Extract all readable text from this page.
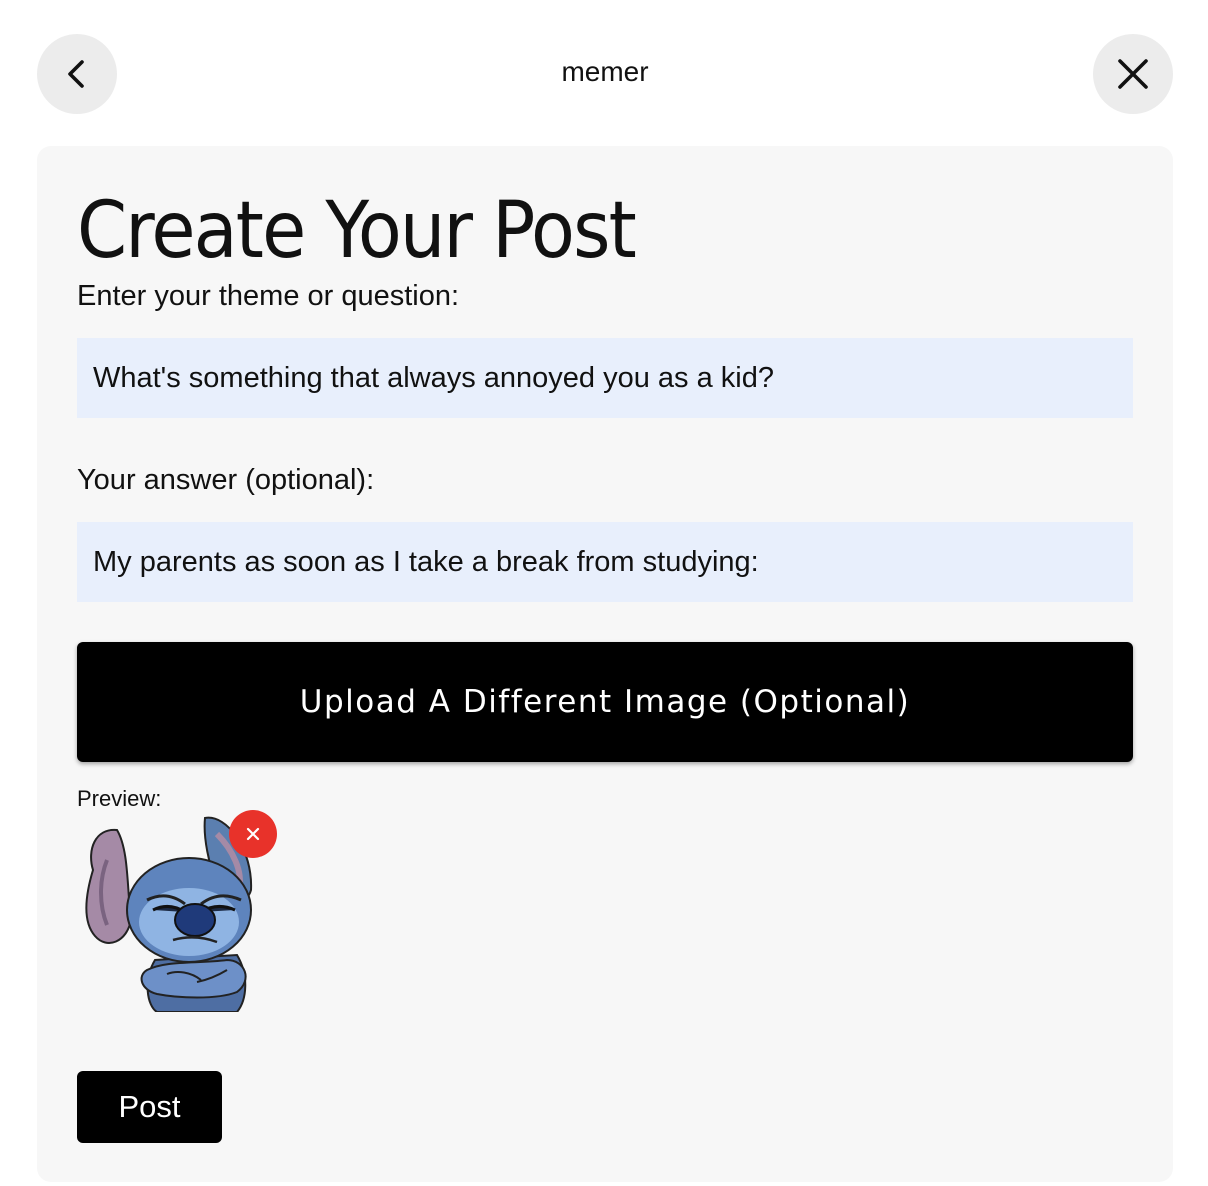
memer
Create Your Post
Enter your theme or question:
What's something that always annoyed you as a kid?
Your answer (optional):
My parents as soon as I take a break from studying:
Upload A Different Image (Optional)
Preview:
Post
